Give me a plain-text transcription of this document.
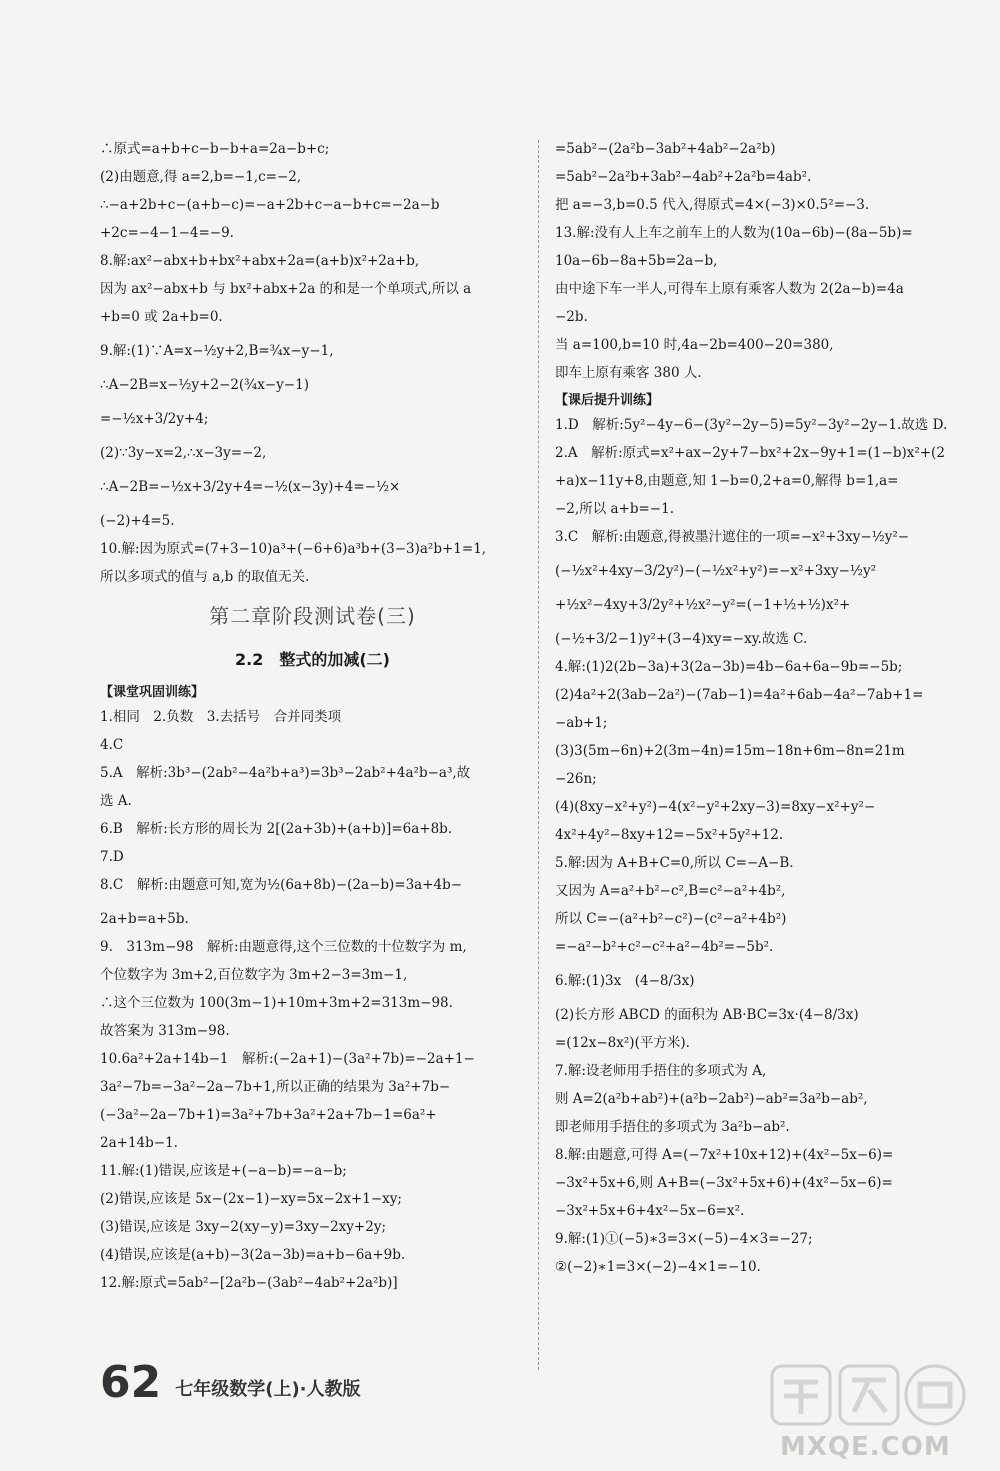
∴原式=a+b+c−b−b+a=2a−b+c;
(2)由题意,得 a=2,b=−1,c=−2,
∴−a+2b+c−(a+b−c)=−a+2b+c−a−b+c=−2a−b
+2c=−4−1−4=−9.
8.解:ax²−abx+b+bx²+abx+2a=(a+b)x²+2a+b,
因为 ax²−abx+b 与 bx²+abx+2a 的和是一个单项式,所以 a
+b=0 或 2a+b=0.
9.解:(1)∵A=x−½y+2,B=¾x−y−1,
∴A−2B=x−½y+2−2(¾x−y−1)
=−½x+3/2y+4;
(2)∵3y−x=2,∴x−3y=−2,
∴A−2B=−½x+3/2y+4=−½(x−3y)+4=−½×
(−2)+4=5.
10.解:因为原式=(7+3−10)a³+(−6+6)a³b+(3−3)a²b+1=1,
所以多项式的值与 a,b 的取值无关.
第二章阶段测试卷(三)
2.2　整式的加减(二)
【课堂巩固训练】
1.相同　2.负数　3.去括号　合并同类项
4.C
5.A　解析:3b³−(2ab²−4a²b+a³)=3b³−2ab²+4a²b−a³,故
选 A.
6.B　解析:长方形的周长为 2[(2a+3b)+(a+b)]=6a+8b.
7.D
8.C　解析:由题意可知,宽为½(6a+8b)−(2a−b)=3a+4b−
2a+b=a+5b.
9.　313m−98　解析:由题意得,这个三位数的十位数字为 m,
个位数字为 3m+2,百位数字为 3m+2−3=3m−1,
∴这个三位数为 100(3m−1)+10m+3m+2=313m−98.
故答案为 313m−98.
10.6a²+2a+14b−1　解析:(−2a+1)−(3a²+7b)=−2a+1−
3a²−7b=−3a²−2a−7b+1,所以正确的结果为 3a²+7b−
(−3a²−2a−7b+1)=3a²+7b+3a²+2a+7b−1=6a²+
2a+14b−1.
11.解:(1)错误,应该是+(−a−b)=−a−b;
(2)错误,应该是 5x−(2x−1)−xy=5x−2x+1−xy;
(3)错误,应该是 3xy−2(xy−y)=3xy−2xy+2y;
(4)错误,应该是(a+b)−3(2a−3b)=a+b−6a+9b.
12.解:原式=5ab²−[2a²b−(3ab²−4ab²+2a²b)]
=5ab²−(2a²b−3ab²+4ab²−2a²b)
=5ab²−2a²b+3ab²−4ab²+2a²b=4ab².
把 a=−3,b=0.5 代入,得原式=4×(−3)×0.5²=−3.
13.解:没有人上车之前车上的人数为(10a−6b)−(8a−5b)=
10a−6b−8a+5b=2a−b,
由中途下车一半人,可得车上原有乘客人数为 2(2a−b)=4a
−2b.
当 a=100,b=10 时,4a−2b=400−20=380,
即车上原有乘客 380 人.
【课后提升训练】
1.D　解析:5y²−4y−6−(3y²−2y−5)=5y²−3y²−2y−1.故选 D.
2.A　解析:原式=x²+ax−2y+7−bx²+2x−9y+1=(1−b)x²+(2
+a)x−11y+8,由题意,知 1−b=0,2+a=0,解得 b=1,a=
−2,所以 a+b=−1.
3.C　解析:由题意,得被墨汁遮住的一项=−x²+3xy−½y²−
(−½x²+4xy−3/2y²)−(−½x²+y²)=−x²+3xy−½y²
+½x²−4xy+3/2y²+½x²−y²=(−1+½+½)x²+
(−½+3/2−1)y²+(3−4)xy=−xy.故选 C.
4.解:(1)2(2b−3a)+3(2a−3b)=4b−6a+6a−9b=−5b;
(2)4a²+2(3ab−2a²)−(7ab−1)=4a²+6ab−4a²−7ab+1=
−ab+1;
(3)3(5m−6n)+2(3m−4n)=15m−18n+6m−8n=21m
−26n;
(4)(8xy−x²+y²)−4(x²−y²+2xy−3)=8xy−x²+y²−
4x²+4y²−8xy+12=−5x²+5y²+12.
5.解:因为 A+B+C=0,所以 C=−A−B.
又因为 A=a²+b²−c²,B=c²−a²+4b²,
所以 C=−(a²+b²−c²)−(c²−a²+4b²)
=−a²−b²+c²−c²+a²−4b²=−5b².
6.解:(1)3x　(4−8/3x)
(2)长方形 ABCD 的面积为 AB·BC=3x·(4−8/3x)
=(12x−8x²)(平方米).
7.解:设老师用手捂住的多项式为 A,
则 A=2(a²b+ab²)+(a²b−2ab²)−ab²=3a²b−ab²,
即老师用手捂住的多项式为 3a²b−ab².
8.解:由题意,可得 A=(−7x²+10x+12)+(4x²−5x−6)=
−3x²+5x+6,则 A+B=(−3x²+5x+6)+(4x²−5x−6)=
−3x²+5x+6+4x²−5x−6=x².
9.解:(1)①(−5)∗3=3×(−5)−4×3=−27;
②(−2)∗1=3×(−2)−4×1=−10.
62 七年级数学(上)·人教版
MXQE.COM
